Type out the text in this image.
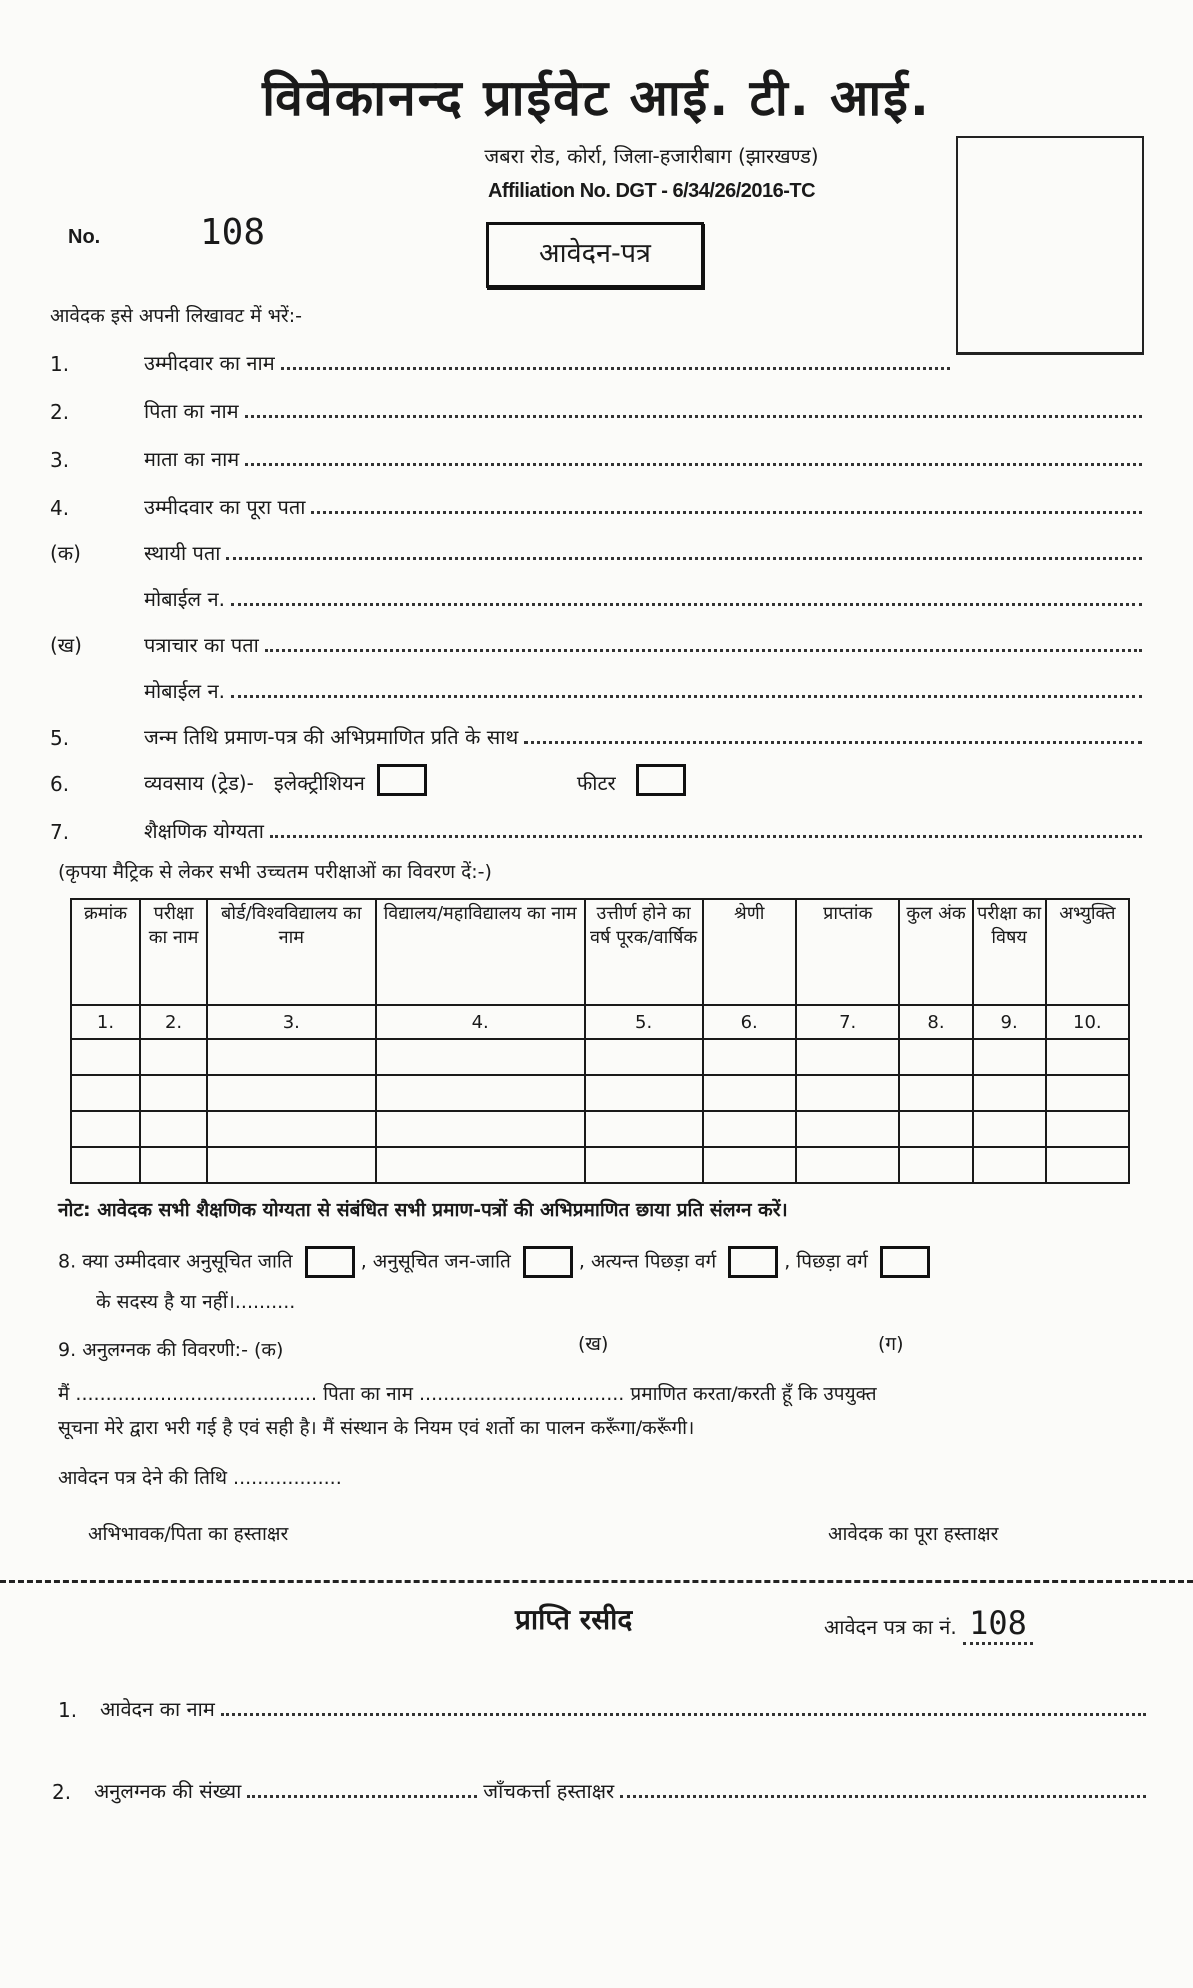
विवेकानन्द प्राईवेट आई. टी. आई.
जबरा रोड, कोर्रा, जिला-हजारीबाग (झारखण्ड)
Affiliation No. DGT - 6/34/26/2016-TC
No.	108
आवेदन-पत्र
आवेदक इसे अपनी लिखावट में भरें:-
1.	उम्मीदवार का नाम
2.	पिता का नाम
3.	माता का नाम
4.	उम्मीदवार का पूरा पता
(क)	स्थायी पता
मोबाईल न.
(ख)	पत्राचार का पता
मोबाईल न.
5.	जन्म तिथि प्रमाण-पत्र की अभिप्रमाणित प्रति के साथ
6.	व्यवसाय (ट्रेड)-	इलेक्ट्रीशियन	फीटर
7.	शैक्षणिक योग्यता
(कृपया मैट्रिक से लेकर सभी उच्चतम परीक्षाओं का विवरण दें:-)
क्रमांक	परीक्षा का नाम	बोर्ड/विश्वविद्यालय का नाम	विद्यालय/महाविद्यालय का नाम	उत्तीर्ण होने का वर्ष पूरक/वार्षिक	श्रेणी	प्राप्तांक	कुल अंक	परीक्षा का विषय	अभ्युक्ति
1.	2.	3.	4.	5.	6.	7.	8.	9.	10.

नोट: आवेदक सभी शैक्षणिक योग्यता से संबंधित सभी प्रमाण-पत्रों की अभिप्रमाणित छाया प्रति संलग्न करें।
8. क्या उम्मीदवार अनुसूचित जाति	, अनुसूचित जन-जाति	, अत्यन्त पिछड़ा वर्ग	, पिछड़ा वर्ग
के सदस्य है या नहीं।..........
9. अनुलग्नक की विवरणी:- (क)	(ख)	(ग)
मैं ........................................ पिता का नाम .................................. प्रमाणित करता/करती हूँ कि उपयुक्त
सूचना मेरे द्वारा भरी गई है एवं सही है। मैं संस्थान के नियम एवं शर्तो का पालन करूँगा/करूँगी।
आवेदन पत्र देने की तिथि ..................
अभिभावक/पिता का हस्ताक्षर	आवेदक का पूरा हस्ताक्षर
प्राप्ति रसीद	आवेदन पत्र का नं. 108
1.	आवेदन का नाम
2.	अनुलग्नक की संख्या	जाँचकर्त्ता हस्ताक्षर
